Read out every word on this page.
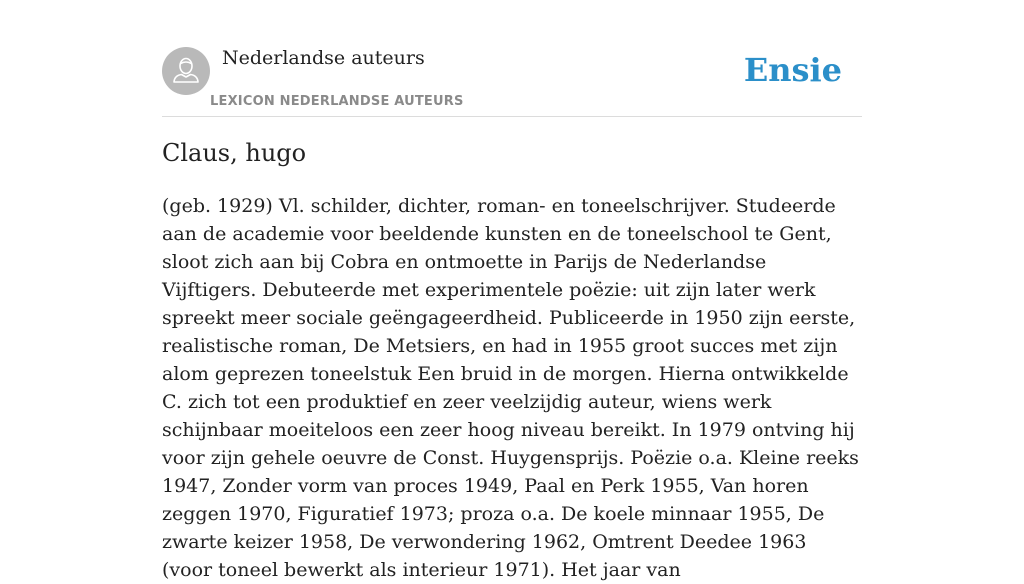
Nederlandse auteurs
LEXICON NEDERLANDSE AUTEURS
Ensie
Claus, hugo

(geb. 1929) Vl. schilder, dichter, roman- en toneelschrijver. Studeerde aan de academie voor beeldende kunsten en de toneelschool te Gent, sloot zich aan bij Cobra en ontmoette in Parijs de Nederlandse Vijftigers. Debuteerde met experimentele poëzie: uit zijn later werk spreekt meer sociale geëngageerdheid. Publiceerde in 1950 zijn eerste, realistische roman, De Metsiers, en had in 1955 groot succes met zijn alom geprezen toneelstuk Een bruid in de morgen. Hierna ontwikkelde C. zich tot een produktief en zeer veelzijdig auteur, wiens werk schijnbaar moeiteloos een zeer hoog niveau bereikt. In 1979 ontving hij voor zijn gehele oeuvre de Const. Huygensprijs. Poëzie o.a. Kleine reeks 1947, Zonder vorm van proces 1949, Paal en Perk 1955, Van horen zeggen 1970, Figuratief 1973; proza o.a. De koele minnaar 1955, De zwarte keizer 1958, De verwondering 1962, Omtrent Deedee 1963 (voor toneel bewerkt als interieur 1971). Het jaar van
